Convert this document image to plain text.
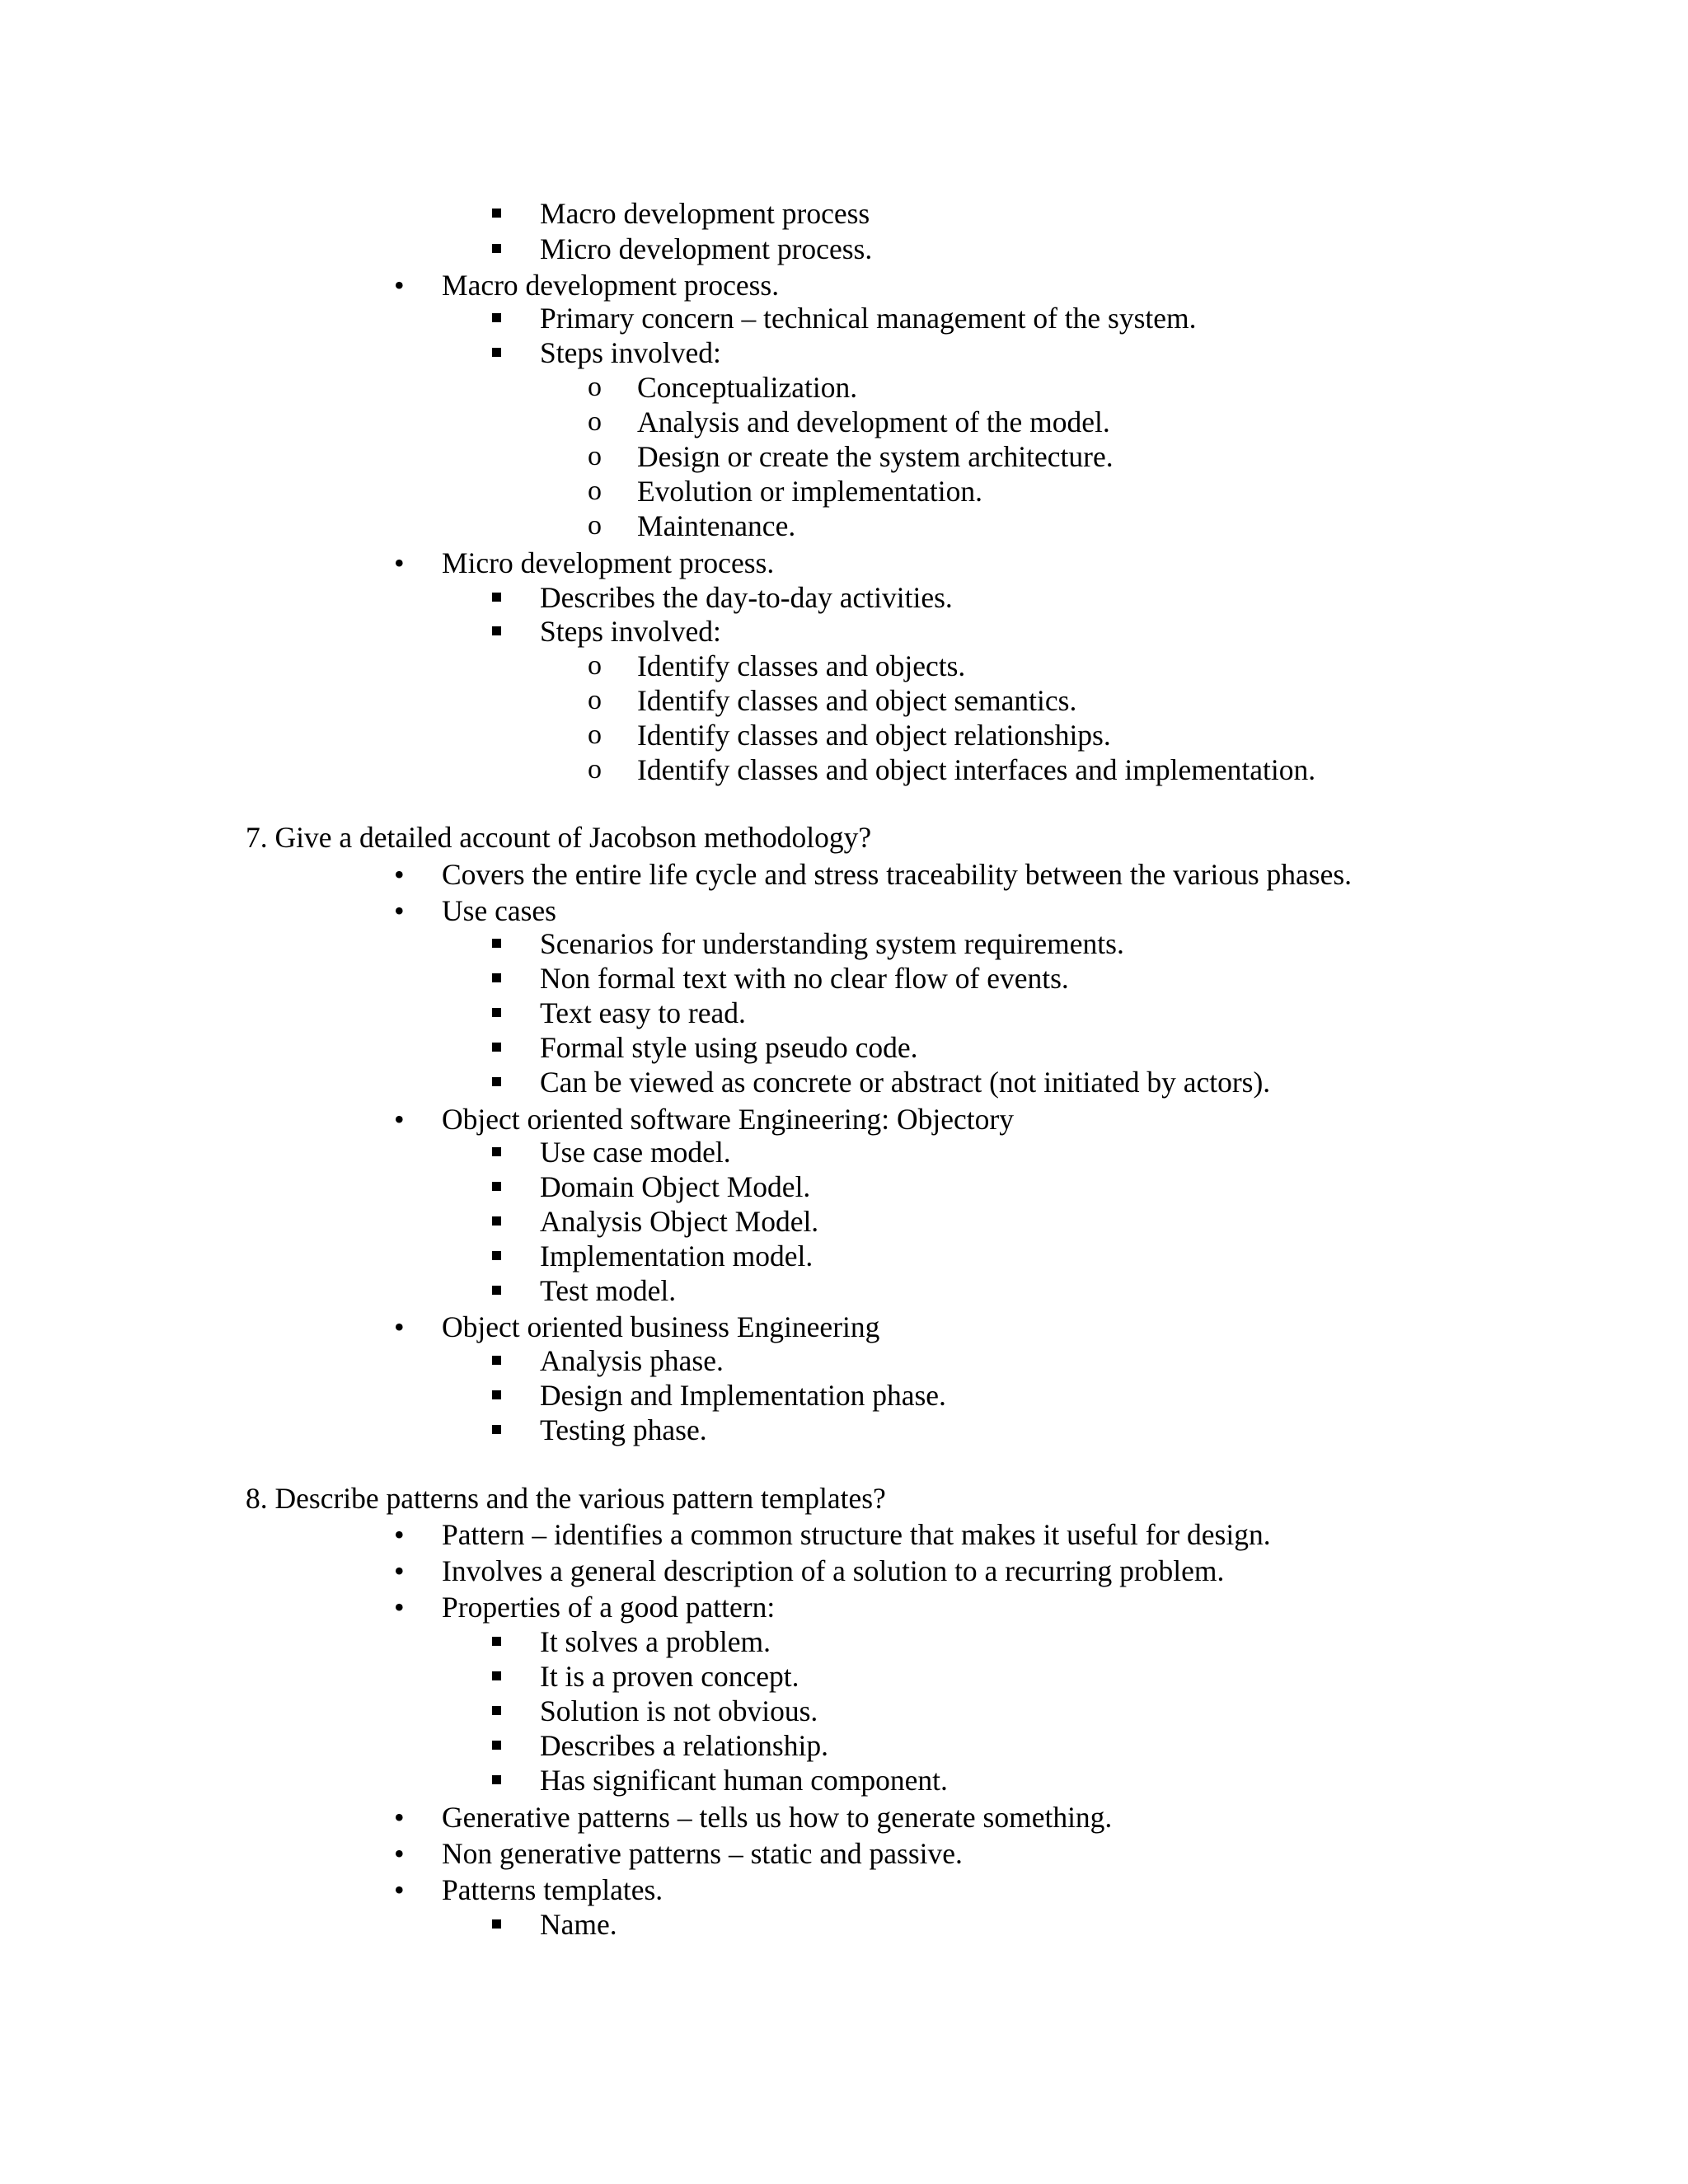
Macro development process
Micro development process.
• Macro development process.
Primary concern – technical management of the system.
Steps involved:
o Conceptualization.
o Analysis and development of the model.
o Design or create the system architecture.
o Evolution or implementation.
o Maintenance.
• Micro development process.
Describes the day-to-day activities.
Steps involved:
o Identify classes and objects.
o Identify classes and object semantics.
o Identify classes and object relationships.
o Identify classes and object interfaces and implementation.
7. Give a detailed account of Jacobson methodology?
• Covers the entire life cycle and stress traceability between the various phases.
• Use cases
Scenarios for understanding system requirements.
Non formal text with no clear flow of events.
Text easy to read.
Formal style using pseudo code.
Can be viewed as concrete or abstract (not initiated by actors).
• Object oriented software Engineering: Objectory
Use case model.
Domain Object Model.
Analysis Object Model.
Implementation model.
Test model.
• Object oriented business Engineering
Analysis phase.
Design and Implementation phase.
Testing phase.
8. Describe patterns and the various pattern templates?
• Pattern – identifies a common structure that makes it useful for design.
• Involves a general description of a solution to a recurring problem.
• Properties of a good pattern:
It solves a problem.
It is a proven concept.
Solution is not obvious.
Describes a relationship.
Has significant human component.
• Generative patterns – tells us how to generate something.
• Non generative patterns – static and passive.
• Patterns templates.
Name.
